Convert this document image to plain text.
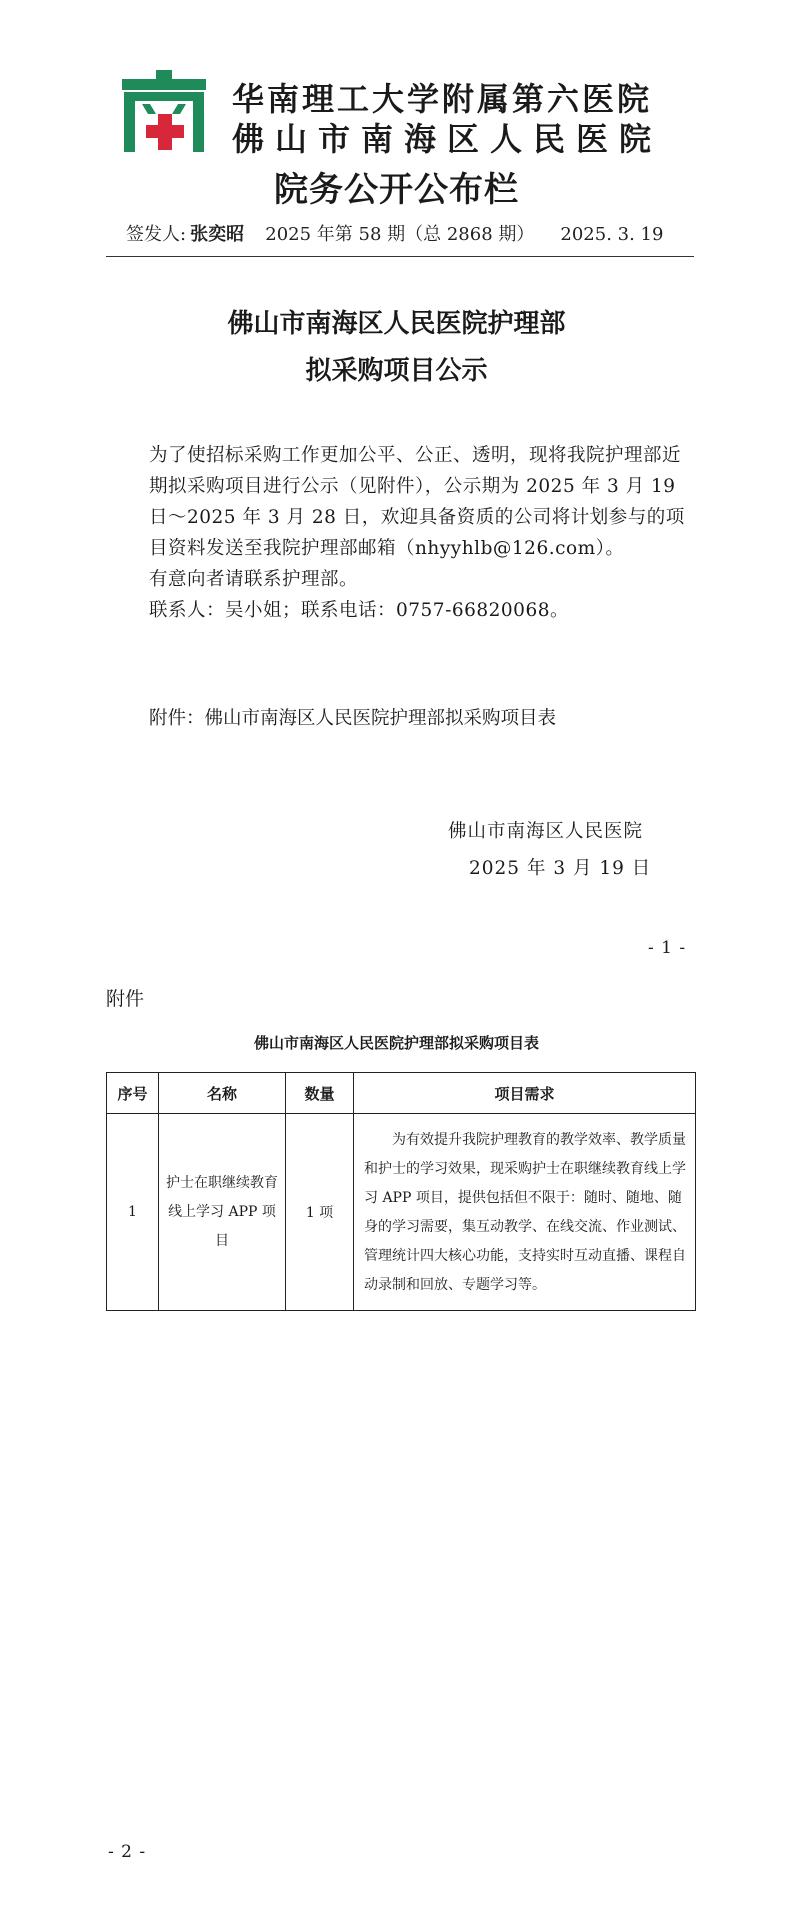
华南理工大学附属第六医院
佛山市南海区人民医院
院务公开公布栏
签发人: 张奕昭 2025 年第 58 期（总 2868 期） 2025. 3. 19
佛山市南海区人民医院护理部
拟采购项目公示

为了使招标采购工作更加公平、公正、透明，现将我院护理部近期拟采购项目进行公示（见附件），公示期为 2025 年 3 月 19 日～2025 年 3 月 28 日，欢迎具备资质的公司将计划参与的项目资料发送至我院护理部邮箱（nhyyhlb@126.com）。

有意向者请联系护理部。

联系人：吴小姐；联系电话：0757-66820068。

附件：佛山市南海区人民医院护理部拟采购项目表
佛山市南海区人民医院
2025 年 3 月 19 日
- 1 -
附件
佛山市南海区人民医院护理部拟采购项目表
序号	名称	数量	项目需求
1	护士在职继续教育线上学习 APP 项目	1 项	为有效提升我院护理教育的教学效率、教学质量和护士的学习效果，现采购护士在职继续教育线上学习 APP 项目，提供包括但不限于：随时、随地、随身的学习需要，集互动教学、在线交流、作业测试、管理统计四大核心功能，支持实时互动直播、课程自动录制和回放、专题学习等。
- 2 -
